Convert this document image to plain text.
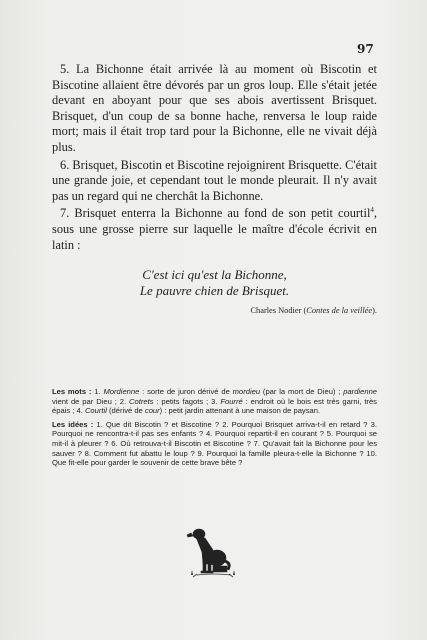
97

5. La Bichonne était arrivée là au moment où Biscotin et Biscotine allaient être dévorés par un gros loup. Elle s'était jetée devant en aboyant pour que ses abois avertissent Brisquet. Brisquet, d'un coup de sa bonne hache, renversa le loup raide mort; mais il était trop tard pour la Bichonne, elle ne vivait déjà plus.

6. Brisquet, Biscotin et Biscotine rejoignirent Brisquette. C'était une grande joie, et cependant tout le monde pleurait. Il n'y avait pas un regard qui ne cherchât la Bichonne.

7. Brisquet enterra la Bichonne au fond de son petit courtil$^4$, sous une grosse pierre sur laquelle le maître d'école écrivit en latin :

C'est ici qu'est la Bichonne,
Le pauvre chien de Brisquet.
Charles Nodier (Contes de la veillée).

Les mots : 1. Mordienne : sorte de juron dérivé de mordieu (par la mort de Dieu) ; pardienne vient de par Dieu ; 2. Cotrets : petits fagots ; 3. Fourré : endroit où le bois est très garni, très épais ; 4. Courtil (dérivé de cour) : petit jardin attenant à une maison de paysan.

Les idées : 1. Que dit Biscotin ? et Biscotine ? 2. Pourquoi Brisquet arriva-t-il en retard ? 3. Pourquoi ne rencontra-t-il pas ses enfants ? 4. Pourquoi repartit-il en courant ? 5. Pourquoi se mit-il à pleurer ? 6. Où retrouva-t-il Biscotin et Biscotine ? 7. Qu'avait fait la Bichonne pour les sauver ? 8. Comment fut abattu le loup ? 9. Pourquoi la famille pleura-t-elle la Bichonne ? 10. Que fit-elle pour garder le souvenir de cette brave bête ?
